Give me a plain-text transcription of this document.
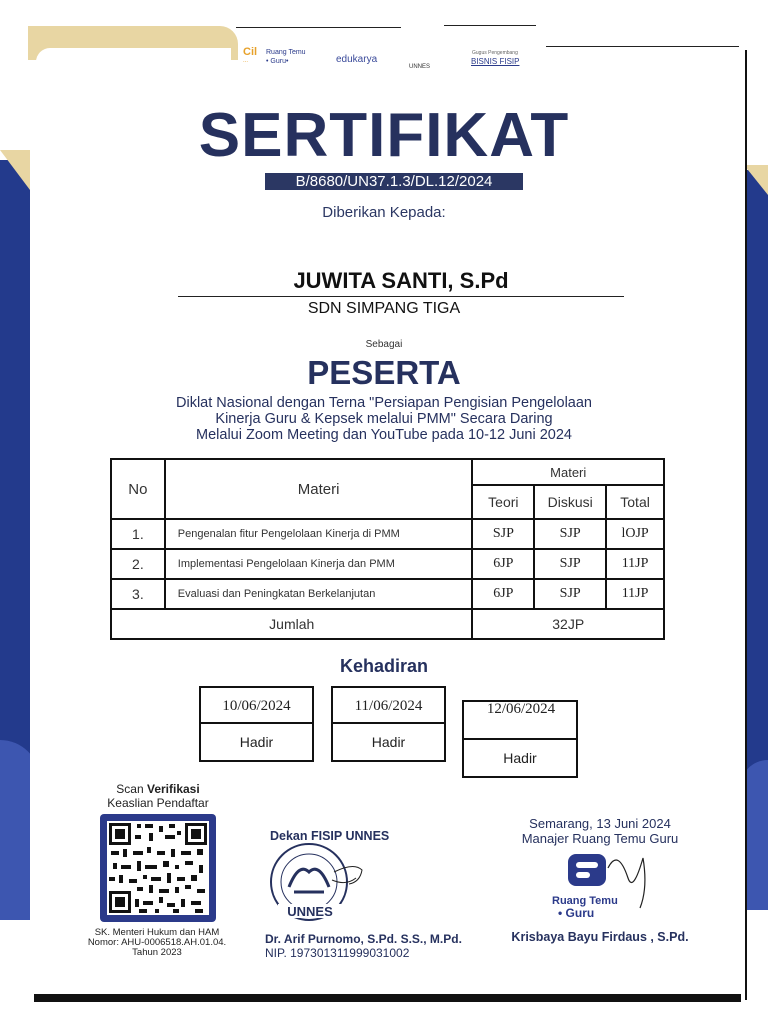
Cil
...
Ruang Temu
• Guru•	edukarya
UNNES
Gugus Pengembang
BISNIS FISIP
SERTIFIKAT
B/8680/UN37.1.3/DL.12/2024
Diberikan Kepada:
JUWITA SANTI, S.Pd
SDN SIMPANG TIGA
Sebagai
PESERTA
Diklat Nasional dengan Terna "Persiapan Pengisian Pengelolaan
Kinerja Guru & Kepsek melalui PMM" Secara Daring
Melalui Zoom Meeting dan YouTube pada 10-12 Juni 2024
No	Materi	Materi		
		Teori	Diskusi	Total
1.	Pengenalan fitur Pengelolaan Kinerja di PMM	SJP	SJP	lOJP
2.	Implementasi Pengelolaan Kinerja dan PMM	6JP	SJP	11JP
3.	Evaluasi dan Peningkatan Berkelanjutan	6JP	SJP	11JP
Jumlah		32JP		
Kehadiran
10/06/2024
Hadir
11/06/2024
Hadir
12/06/2024
Hadir
Scan Verifikasi
Keaslian Pendaftar
SK. Menteri Hukum dan HAM
Nomor: AHU-0006518.AH.01.04.
Tahun 2023
Dekan FISIP UNNES
UNNES
Dr. Arif Purnomo, S.Pd. S.S., M.Pd.
NIP. 197301311999031002
Semarang, 13 Juni 2024
Manajer Ruang Temu Guru
Ruang Temu
• Guru
Krisbaya Bayu Firdaus , S.Pd.
